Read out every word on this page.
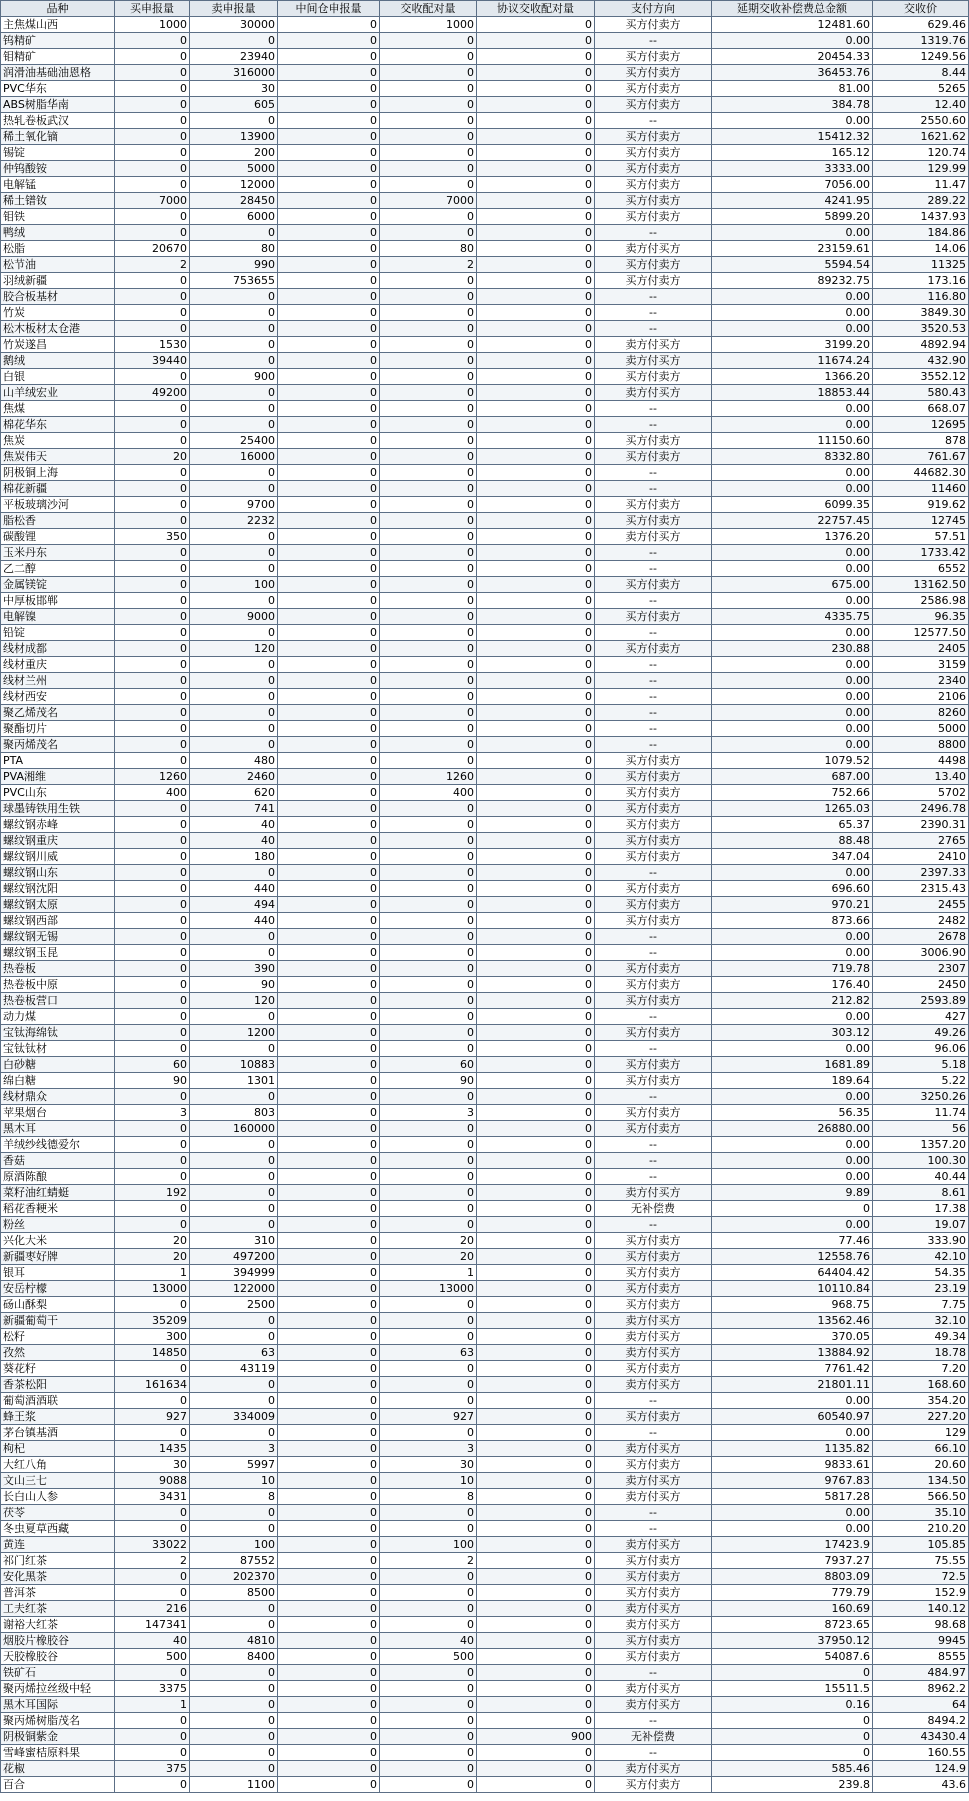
品种	买申报量	卖申报量	中间仓申报量	交收配对量	协议交收配对量	支付方向	延期交收补偿费总金额	交收价
主焦煤山西	1000	30000	0	1000	0	买方付卖方	12481.60	629.46
钨精矿	0	0	0	0	0	--	0.00	1319.76
钼精矿	0	23940	0	0	0	买方付卖方	20454.33	1249.56
润滑油基础油恩格	0	316000	0	0	0	买方付卖方	36453.76	8.44
PVC华东	0	30	0	0	0	买方付卖方	81.00	5265
ABS树脂华南	0	605	0	0	0	买方付卖方	384.78	12.40
热轧卷板武汉	0	0	0	0	0	--	0.00	2550.60
稀土氧化镝	0	13900	0	0	0	买方付卖方	15412.32	1621.62
锡锭	0	200	0	0	0	买方付卖方	165.12	120.74
仲钨酸铵	0	5000	0	0	0	买方付卖方	3333.00	129.99
电解锰	0	12000	0	0	0	买方付卖方	7056.00	11.47
稀土镨钕	7000	28450	0	7000	0	买方付卖方	4241.95	289.22
钼铁	0	6000	0	0	0	买方付卖方	5899.20	1437.93
鸭绒	0	0	0	0	0	--	0.00	184.86
松脂	20670	80	0	80	0	卖方付买方	23159.61	14.06
松节油	2	990	0	2	0	买方付卖方	5594.54	11325
羽绒新疆	0	753655	0	0	0	买方付卖方	89232.75	173.16
胶合板基材	0	0	0	0	0	--	0.00	116.80
竹炭	0	0	0	0	0	--	0.00	3849.30
松木板材太仓港	0	0	0	0	0	--	0.00	3520.53
竹炭遂昌	1530	0	0	0	0	卖方付买方	3199.20	4892.94
鹅绒	39440	0	0	0	0	卖方付买方	11674.24	432.90
白银	0	900	0	0	0	买方付卖方	1366.20	3552.12
山羊绒宏业	49200	0	0	0	0	卖方付买方	18853.44	580.43
焦煤	0	0	0	0	0	--	0.00	668.07
棉花华东	0	0	0	0	0	--	0.00	12695
焦炭	0	25400	0	0	0	买方付卖方	11150.60	878
焦炭伟天	20	16000	0	0	0	买方付卖方	8332.80	761.67
阴极铜上海	0	0	0	0	0	--	0.00	44682.30
棉花新疆	0	0	0	0	0	--	0.00	11460
平板玻璃沙河	0	9700	0	0	0	买方付卖方	6099.35	919.62
脂松香	0	2232	0	0	0	买方付卖方	22757.45	12745
碳酸锂	350	0	0	0	0	卖方付买方	1376.20	57.51
玉米丹东	0	0	0	0	0	--	0.00	1733.42
乙二醇	0	0	0	0	0	--	0.00	6552
金属镁锭	0	100	0	0	0	买方付卖方	675.00	13162.50
中厚板邯郸	0	0	0	0	0	--	0.00	2586.98
电解镍	0	9000	0	0	0	买方付卖方	4335.75	96.35
铅锭	0	0	0	0	0	--	0.00	12577.50
线材成都	0	120	0	0	0	买方付卖方	230.88	2405
线材重庆	0	0	0	0	0	--	0.00	3159
线材兰州	0	0	0	0	0	--	0.00	2340
线材西安	0	0	0	0	0	--	0.00	2106
聚乙烯茂名	0	0	0	0	0	--	0.00	8260
聚酯切片	0	0	0	0	0	--	0.00	5000
聚丙烯茂名	0	0	0	0	0	--	0.00	8800
PTA	0	480	0	0	0	买方付卖方	1079.52	4498
PVA湘维	1260	2460	0	1260	0	买方付卖方	687.00	13.40
PVC山东	400	620	0	400	0	买方付卖方	752.66	5702
球墨铸铁用生铁	0	741	0	0	0	买方付卖方	1265.03	2496.78
螺纹钢赤峰	0	40	0	0	0	买方付卖方	65.37	2390.31
螺纹钢重庆	0	40	0	0	0	买方付卖方	88.48	2765
螺纹钢川威	0	180	0	0	0	买方付卖方	347.04	2410
螺纹钢山东	0	0	0	0	0	--	0.00	2397.33
螺纹钢沈阳	0	440	0	0	0	买方付卖方	696.60	2315.43
螺纹钢太原	0	494	0	0	0	买方付卖方	970.21	2455
螺纹钢西部	0	440	0	0	0	买方付卖方	873.66	2482
螺纹钢无锡	0	0	0	0	0	--	0.00	2678
螺纹钢玉昆	0	0	0	0	0	--	0.00	3006.90
热卷板	0	390	0	0	0	买方付卖方	719.78	2307
热卷板中原	0	90	0	0	0	买方付卖方	176.40	2450
热卷板营口	0	120	0	0	0	买方付卖方	212.82	2593.89
动力煤	0	0	0	0	0	--	0.00	427
宝钛海绵钛	0	1200	0	0	0	买方付卖方	303.12	49.26
宝钛钛材	0	0	0	0	0	--	0.00	96.06
白砂糖	60	10883	0	60	0	买方付卖方	1681.89	5.18
绵白糖	90	1301	0	90	0	买方付卖方	189.64	5.22
线材鼎众	0	0	0	0	0	--	0.00	3250.26
苹果烟台	3	803	0	3	0	买方付卖方	56.35	11.74
黑木耳	0	160000	0	0	0	买方付卖方	26880.00	56
羊绒纱线德爱尔	0	0	0	0	0	--	0.00	1357.20
香菇	0	0	0	0	0	--	0.00	100.30
原酒陈酿	0	0	0	0	0	--	0.00	40.44
菜籽油红蜻蜓	192	0	0	0	0	卖方付买方	9.89	8.61
稻花香粳米	0	0	0	0	0	无补偿费	0	17.38
粉丝	0	0	0	0	0	--	0.00	19.07
兴化大米	20	310	0	20	0	买方付卖方	77.46	333.90
新疆枣好牌	20	497200	0	20	0	买方付卖方	12558.76	42.10
银耳	1	394999	0	1	0	买方付卖方	64404.42	54.35
安岳柠檬	13000	122000	0	13000	0	买方付卖方	10110.84	23.19
砀山酥梨	0	2500	0	0	0	买方付卖方	968.75	7.75
新疆葡萄干	35209	0	0	0	0	卖方付买方	13562.46	32.10
松籽	300	0	0	0	0	卖方付买方	370.05	49.34
孜然	14850	63	0	63	0	卖方付买方	13884.92	18.78
葵花籽	0	43119	0	0	0	买方付卖方	7761.42	7.20
香茶松阳	161634	0	0	0	0	卖方付买方	21801.11	168.60
葡萄酒酒联	0	0	0	0	0	--	0.00	354.20
蜂王浆	927	334009	0	927	0	买方付卖方	60540.97	227.20
茅台镇基酒	0	0	0	0	0	--	0.00	129
枸杞	1435	3	0	3	0	卖方付买方	1135.82	66.10
大红八角	30	5997	0	30	0	买方付卖方	9833.61	20.60
文山三七	9088	10	0	10	0	卖方付买方	9767.83	134.50
长白山人参	3431	8	0	8	0	卖方付买方	5817.28	566.50
茯苓	0	0	0	0	0	--	0.00	35.10
冬虫夏草西藏	0	0	0	0	0	--	0.00	210.20
黄连	33022	100	0	100	0	卖方付买方	17423.9	105.85
祁门红茶	2	87552	0	2	0	买方付卖方	7937.27	75.55
安化黑茶	0	202370	0	0	0	买方付卖方	8803.09	72.5
普洱茶	0	8500	0	0	0	买方付卖方	779.79	152.9
工夫红茶	216	0	0	0	0	卖方付买方	160.69	140.12
谢裕大红茶	147341	0	0	0	0	卖方付买方	8723.65	98.68
烟胶片橡胶谷	40	4810	0	40	0	买方付卖方	37950.12	9945
天胶橡胶谷	500	8400	0	500	0	买方付卖方	54087.6	8555
铁矿石	0	0	0	0	0	--	0	484.97
聚丙烯拉丝级中轻	3375	0	0	0	0	卖方付买方	15511.5	8962.2
黑木耳国际	1	0	0	0	0	卖方付买方	0.16	64
聚丙烯树脂茂名	0	0	0	0	0	--	0	8494.2
阴极铜紫金	0	0	0	0	900	无补偿费	0	43430.4
雪峰蜜桔原料果	0	0	0	0	0	--	0	160.55
花椒	375	0	0	0	0	卖方付买方	585.46	124.9
百合	0	1100	0	0	0	买方付卖方	239.8	43.6
